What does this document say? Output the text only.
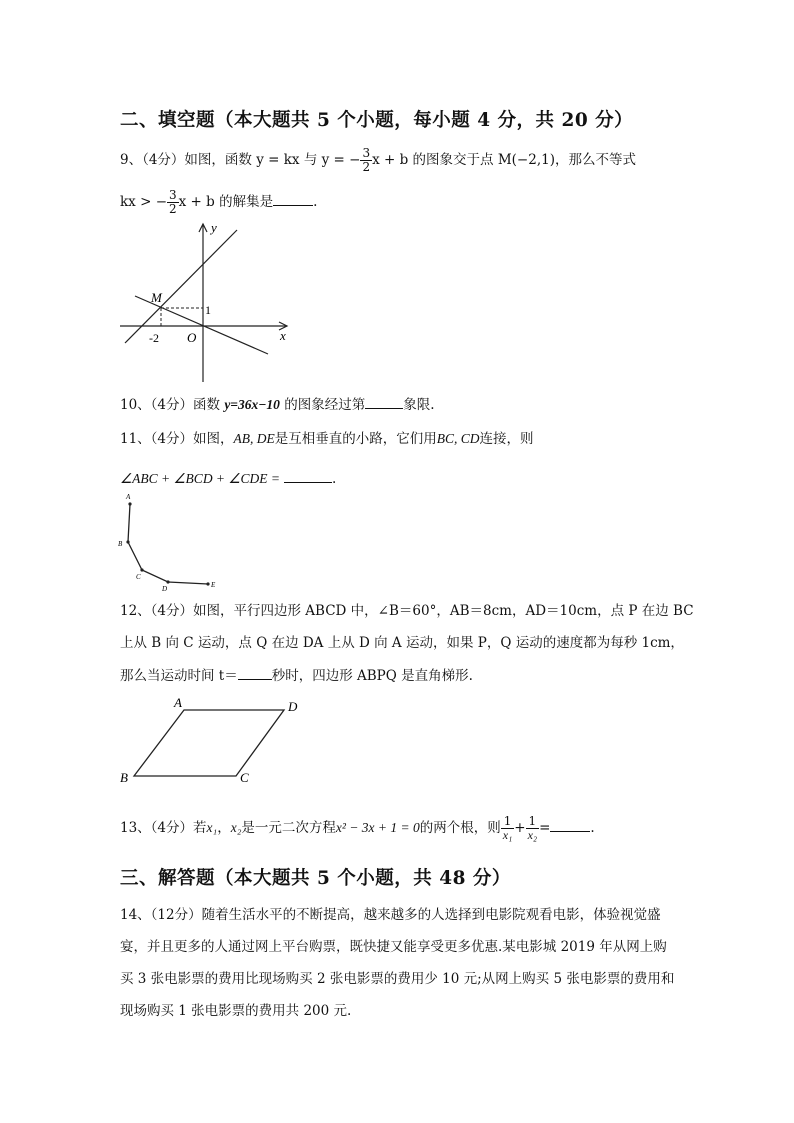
二、填空题（本大题共 5 个小题，每小题 4 分，共 20 分）
9、（4分）如图，函数 y = kx 与 y = − $\frac{3}{2}$ x + b 的图象交于点 M(−2,1)，那么不等式
kx > − $\frac{3}{2}$ x + b 的解集是	.
y
x
O
M
-2
1
10、（4分）函数 y=36x−10 的图象经过第	象限.
11、（4分）如图，AB, DE是互相垂直的小路，它们用BC, CD连接，则
∠ABC + ∠BCD + ∠CDE =	.
A
B
C
D	E
12、（4分）如图，平行四边形 ABCD 中，∠B＝60°，AB＝8cm，AD＝10cm，点 P 在边 BC
上从 B 向 C 运动，点 Q 在边 DA 上从 D 向 A 运动，如果 P，Q 运动的速度都为每秒 1cm，
那么当运动时间 t＝	秒时，四边形 ABPQ 是直角梯形.
A
B	C
D
13、（4分）若x₁，x₂是一元二次方程x² − 3x + 1 = 0的两个根，则 $\frac{1}{\text{x₁}} + \frac{1}{\text{x₂}}$ =	.
三、解答题（本大题共 5 个小题，共 48 分）
14、（12分）随着生活水平的不断提高，越来越多的人选择到电影院观看电影，体验视觉盛
宴，并且更多的人通过网上平台购票，既快捷又能享受更多优惠.某电影城 2019 年从网上购
买 3 张电影票的费用比现场购买 2 张电影票的费用少 10 元;从网上购买 5 张电影票的费用和
现场购买 1 张电影票的费用共 200 元.
